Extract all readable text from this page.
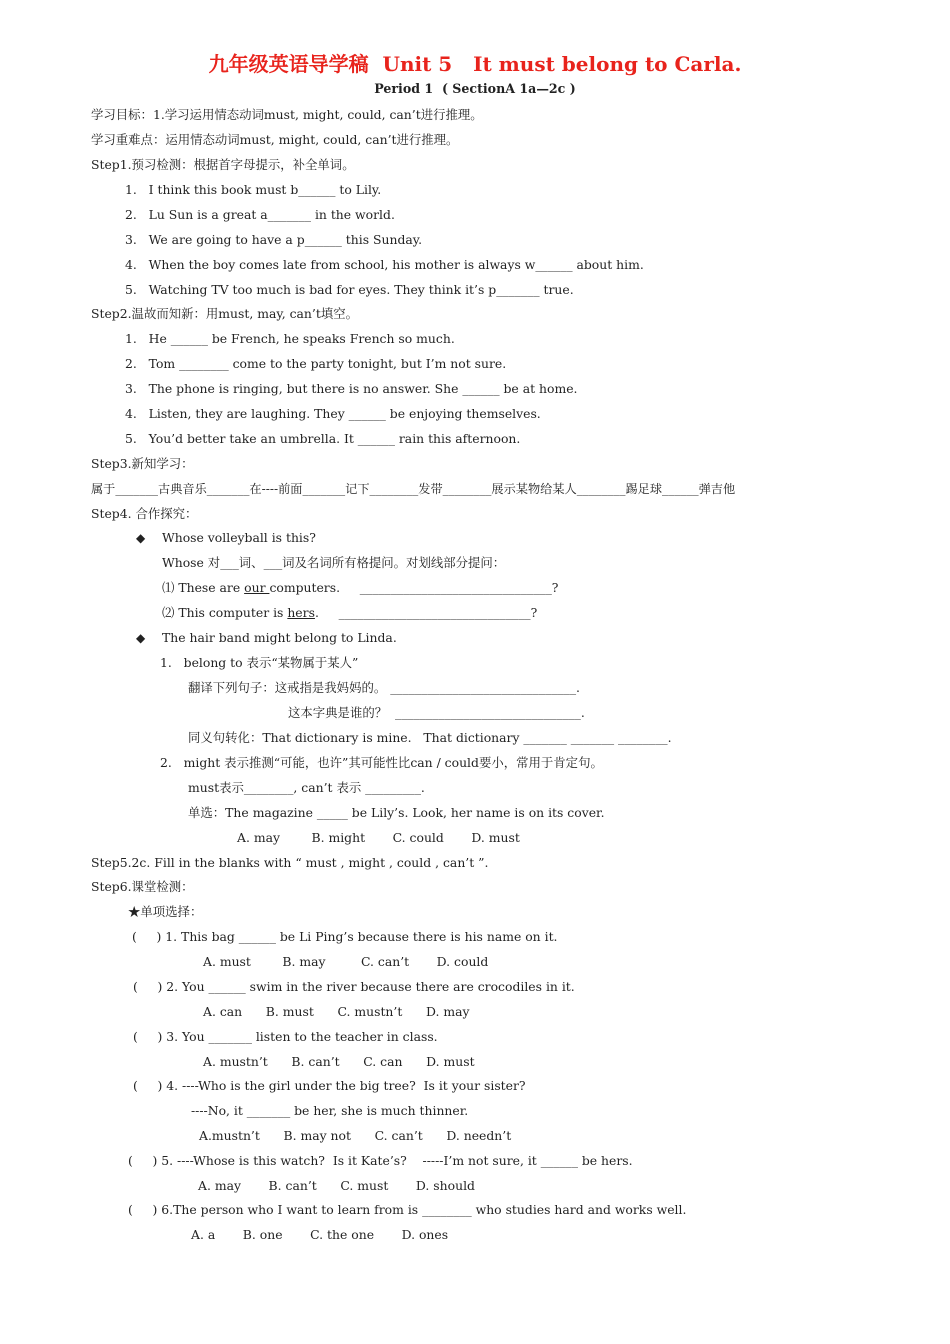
九年级英语导学稿  Unit 5   It must belong to Carla.
Period 1  ( SectionA 1a—2c )
学习目标：1.学习运用情态动词must, might, could, can’t进行推理。
学习重难点：运用情态动词must, might, could, can’t进行推理。
Step1.预习检测：根据首字母提示，补全单词。
1.   I think this book must b______ to Lily.
2.   Lu Sun is a great a_______ in the world.
3.   We are going to have a p______ this Sunday.
4.   When the boy comes late from school, his mother is always w______ about him.
5.   Watching TV too much is bad for eyes. They think it’s p_______ true.
Step2.温故而知新：用must, may, can’t填空。
1.   He ______ be French, he speaks French so much.
2.   Tom ________ come to the party tonight, but I’m not sure.
3.   The phone is ringing, but there is no answer. She ______ be at home.
4.   Listen, they are laughing. They ______ be enjoying themselves.
5.   You’d better take an umbrella. It ______ rain this afternoon.
Step3.新知学习：
属于_______古典音乐_______在----前面_______记下________发带________展示某物给某人________踢足球______弹吉他
Step4. 合作探究：
◆ Whose volleyball is this?
Whose 对___词、___词及名词所有格提问。对划线部分提问：
⑴ These are our computers.     _______________________________?
⑵ This computer is hers.     _______________________________?
◆ The hair band might belong to Linda.
1.   belong to 表示“某物属于某人”
翻译下列句子：这戒指是我妈妈的。 ______________________________.
这本字典是谁的？  ______________________________.
同义句转化：That dictionary is mine.   That dictionary _______ _______ ________.
2.   might 表示推测“可能，也许”其可能性比can / could要小，常用于肯定句。
must表示________, can’t 表示 _________.
单选：The magazine _____ be Lily’s. Look, her name is on its cover.
A. may        B. might       C. could       D. must
Step5.2c. Fill in the blanks with “ must , might , could , can’t ”.
Step6.课堂检测：
★单项选择：
(     ) 1. This bag ______ be Li Ping’s because there is his name on it.
A. must        B. may         C. can’t       D. could
(     ) 2. You ______ swim in the river because there are crocodiles in it.
A. can      B. must      C. mustn’t      D. may
(     ) 3. You _______ listen to the teacher in class.
A. mustn’t      B. can’t      C. can      D. must
(     ) 4. ----Who is the girl under the big tree?  Is it your sister?
----No, it _______ be her, she is much thinner.
A.mustn’t      B. may not      C. can’t      D. needn’t
(     ) 5. ----Whose is this watch?  Is it Kate’s?    -----I’m not sure, it ______ be hers.
A. may       B. can’t      C. must       D. should
(     ) 6.The person who I want to learn from is ________ who studies hard and works well.
A. a       B. one       C. the one       D. ones
